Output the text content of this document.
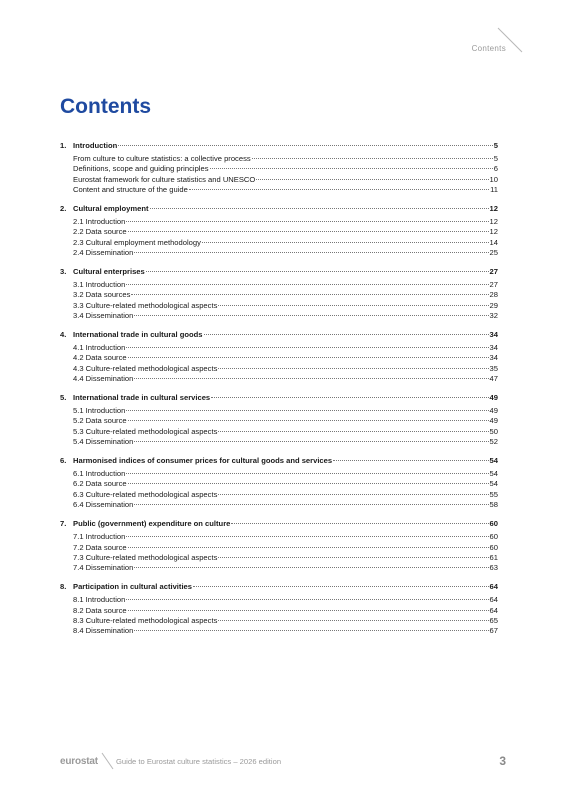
Contents
Contents
1. Introduction	5
From culture to culture statistics: a collective process	5
Definitions, scope and guiding principles	6
Eurostat framework for culture statistics and UNESCO	10
Content and structure of the guide	11
2. Cultural employment	12
2.1 Introduction	12
2.2 Data source	12
2.3 Cultural employment methodology	14
2.4 Dissemination	25
3. Cultural enterprises	27
3.1 Introduction	27
3.2 Data sources	28
3.3 Culture-related methodological aspects	29
3.4 Dissemination	32
4. International trade in cultural goods	34
4.1 Introduction	34
4.2 Data source	34
4.3 Culture-related methodological aspects	35
4.4 Dissemination	47
5. International trade in cultural services	49
5.1 Introduction	49
5.2 Data source	49
5.3 Culture-related methodological aspects	50
5.4 Dissemination	52
6. Harmonised indices of consumer prices for cultural goods and services	54
6.1 Introduction	54
6.2 Data source	54
6.3 Culture-related methodological aspects	55
6.4 Dissemination	58
7. Public (government) expenditure on culture	60
7.1 Introduction	60
7.2 Data source	60
7.3 Culture-related methodological aspects	61
7.4 Dissemination	63
8. Participation in cultural activities	64
8.1 Introduction	64
8.2 Data source	64
8.3 Culture-related methodological aspects	65
8.4 Dissemination	67
eurostat Guide to Eurostat culture statistics – 2026 edition	3
